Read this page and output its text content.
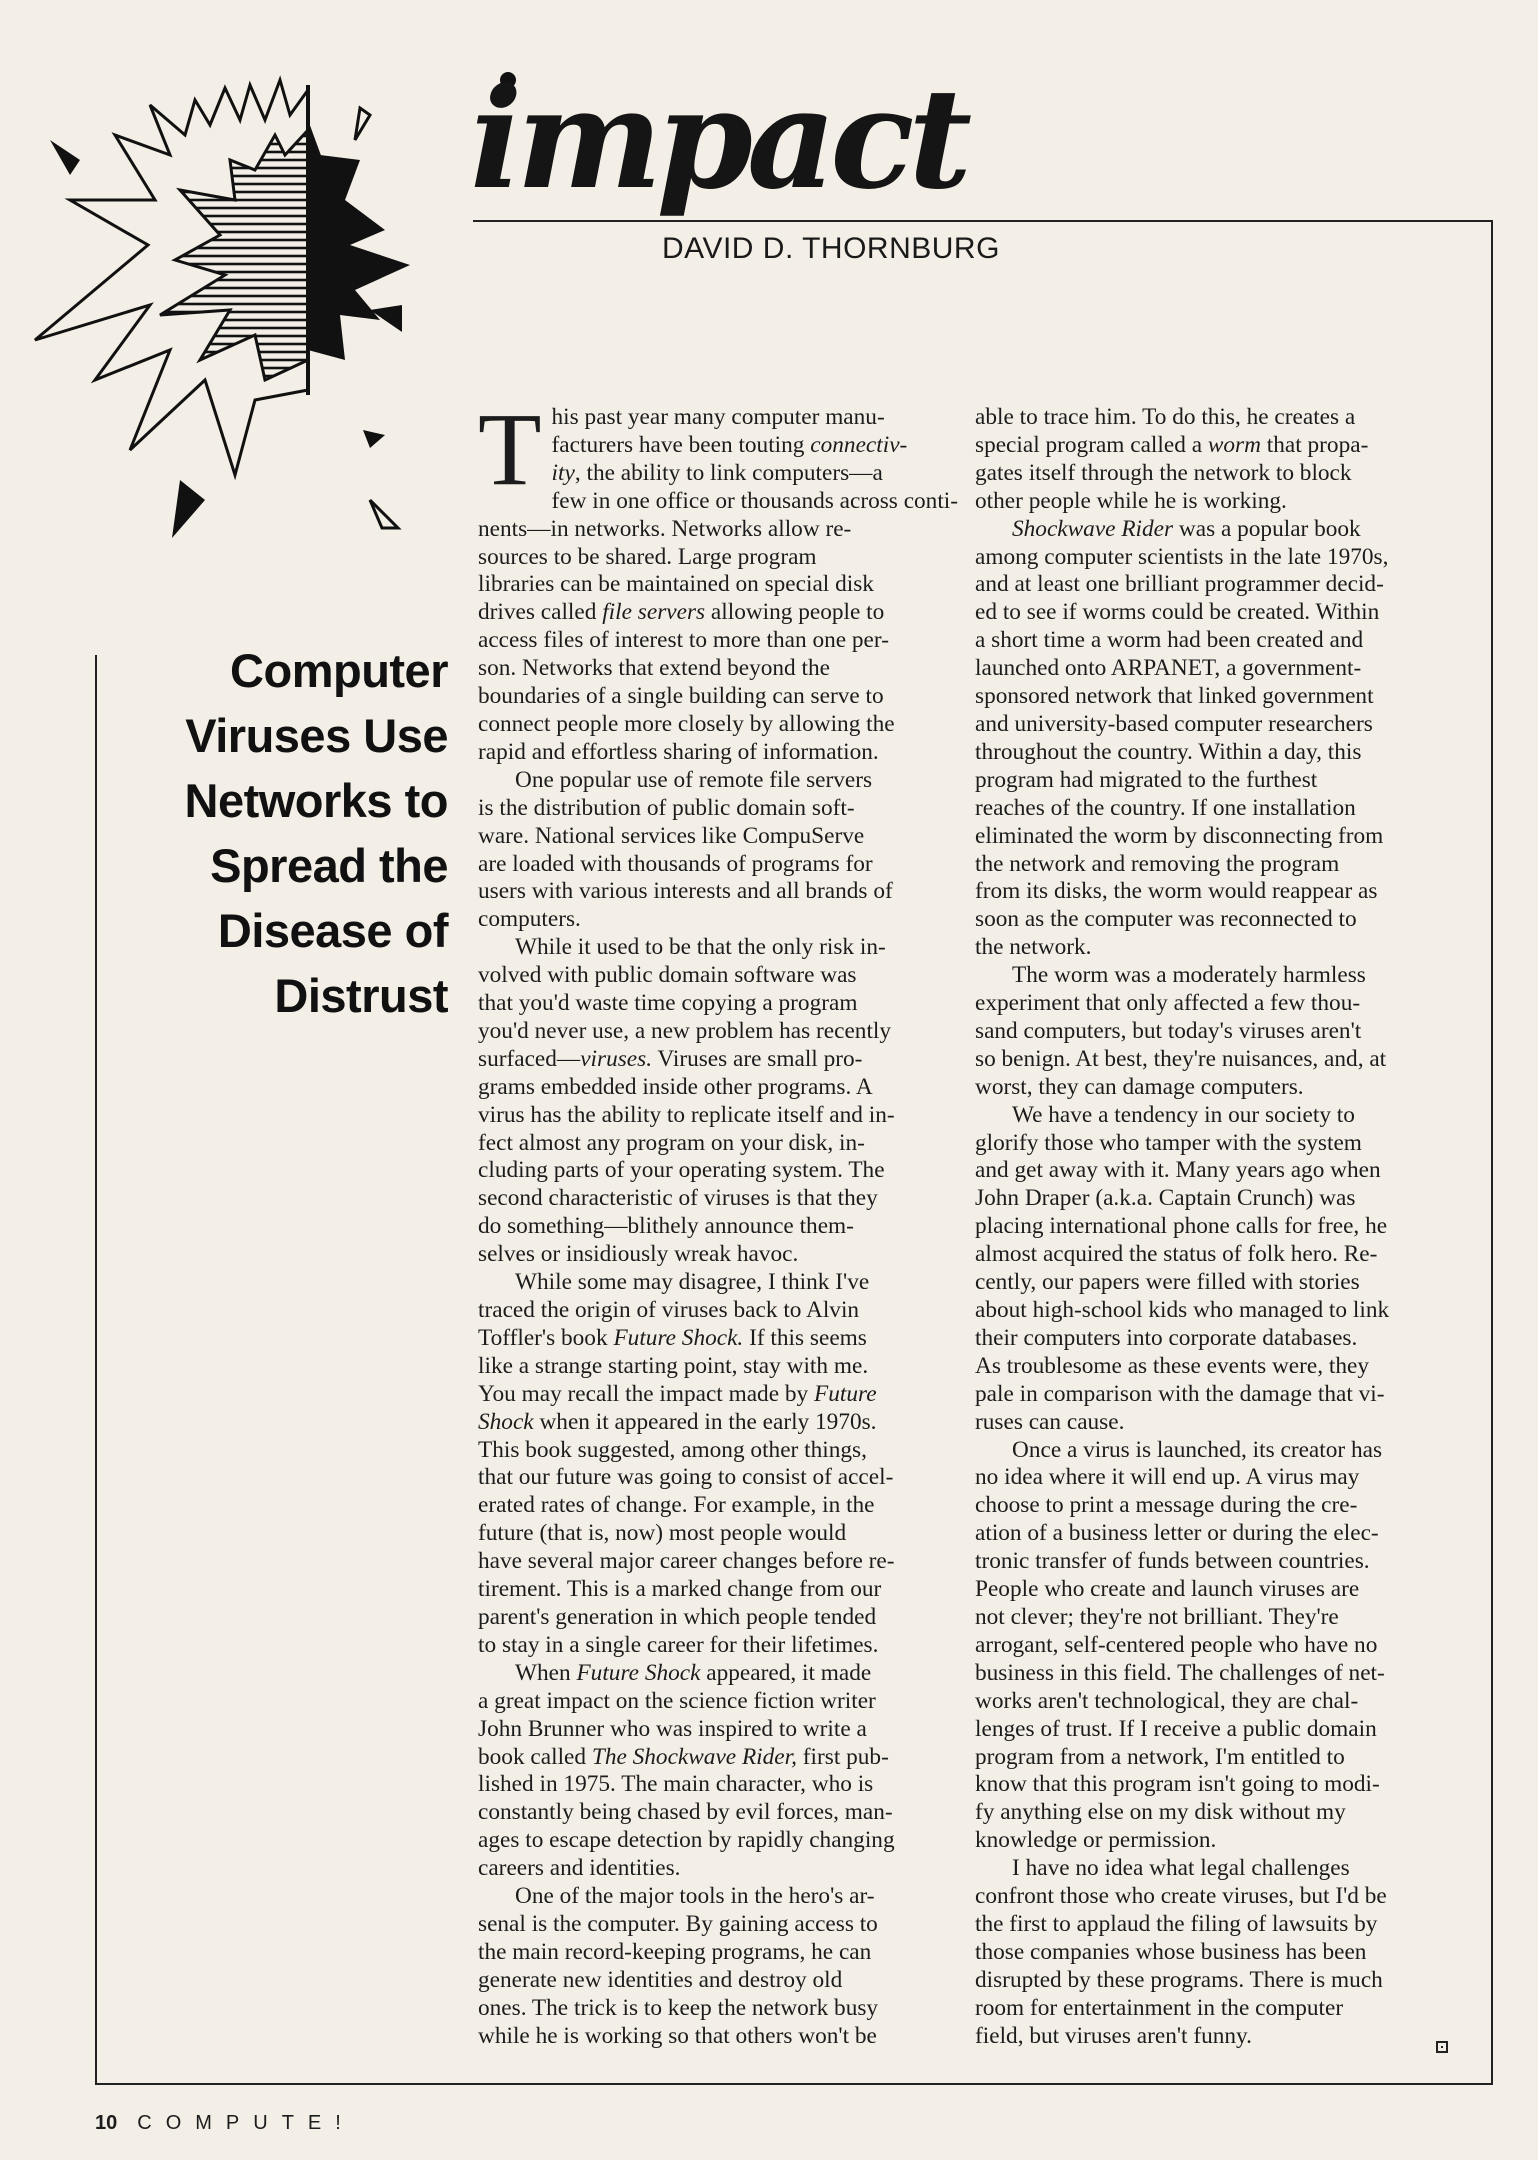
impact
DAVID D. THORNBURG
Computer
Viruses Use
Networks to
Spread the
Disease of
Distrust
T his past year many computer manu-
facturers have been touting connectiv-
ity, the ability to link computers—a
few in one office or thousands across conti-
nents—in networks. Networks allow re-
sources to be shared. Large program
libraries can be maintained on special disk
drives called file servers allowing people to
access files of interest to more than one per-
son. Networks that extend beyond the
boundaries of a single building can serve to
connect people more closely by allowing the
rapid and effortless sharing of information.
One popular use of remote file servers
is the distribution of public domain soft-
ware. National services like CompuServe
are loaded with thousands of programs for
users with various interests and all brands of
computers.
While it used to be that the only risk in-
volved with public domain software was
that you'd waste time copying a program
you'd never use, a new problem has recently
surfaced—viruses. Viruses are small pro-
grams embedded inside other programs. A
virus has the ability to replicate itself and in-
fect almost any program on your disk, in-
cluding parts of your operating system. The
second characteristic of viruses is that they
do something—blithely announce them-
selves or insidiously wreak havoc.
While some may disagree, I think I've
traced the origin of viruses back to Alvin
Toffler's book Future Shock. If this seems
like a strange starting point, stay with me.
You may recall the impact made by Future
Shock when it appeared in the early 1970s.
This book suggested, among other things,
that our future was going to consist of accel-
erated rates of change. For example, in the
future (that is, now) most people would
have several major career changes before re-
tirement. This is a marked change from our
parent's generation in which people tended
to stay in a single career for their lifetimes.
When Future Shock appeared, it made
a great impact on the science fiction writer
John Brunner who was inspired to write a
book called The Shockwave Rider, first pub-
lished in 1975. The main character, who is
constantly being chased by evil forces, man-
ages to escape detection by rapidly changing
careers and identities.
One of the major tools in the hero's ar-
senal is the computer. By gaining access to
the main record-keeping programs, he can
generate new identities and destroy old
ones. The trick is to keep the network busy
while he is working so that others won't be
able to trace him. To do this, he creates a
special program called a worm that propa-
gates itself through the network to block
other people while he is working.
Shockwave Rider was a popular book
among computer scientists in the late 1970s,
and at least one brilliant programmer decid-
ed to see if worms could be created. Within
a short time a worm had been created and
launched onto ARPANET, a government-
sponsored network that linked government
and university-based computer researchers
throughout the country. Within a day, this
program had migrated to the furthest
reaches of the country. If one installation
eliminated the worm by disconnecting from
the network and removing the program
from its disks, the worm would reappear as
soon as the computer was reconnected to
the network.
The worm was a moderately harmless
experiment that only affected a few thou-
sand computers, but today's viruses aren't
so benign. At best, they're nuisances, and, at
worst, they can damage computers.
We have a tendency in our society to
glorify those who tamper with the system
and get away with it. Many years ago when
John Draper (a.k.a. Captain Crunch) was
placing international phone calls for free, he
almost acquired the status of folk hero. Re-
cently, our papers were filled with stories
about high-school kids who managed to link
their computers into corporate databases.
As troublesome as these events were, they
pale in comparison with the damage that vi-
ruses can cause.
Once a virus is launched, its creator has
no idea where it will end up. A virus may
choose to print a message during the cre-
ation of a business letter or during the elec-
tronic transfer of funds between countries.
People who create and launch viruses are
not clever; they're not brilliant. They're
arrogant, self-centered people who have no
business in this field. The challenges of net-
works aren't technological, they are chal-
lenges of trust. If I receive a public domain
program from a network, I'm entitled to
know that this program isn't going to modi-
fy anything else on my disk without my
knowledge or permission.
I have no idea what legal challenges
confront those who create viruses, but I'd be
the first to applaud the filing of lawsuits by
those companies whose business has been
disrupted by these programs. There is much
room for entertainment in the computer
field, but viruses aren't funny.
10 COMPUTE!
